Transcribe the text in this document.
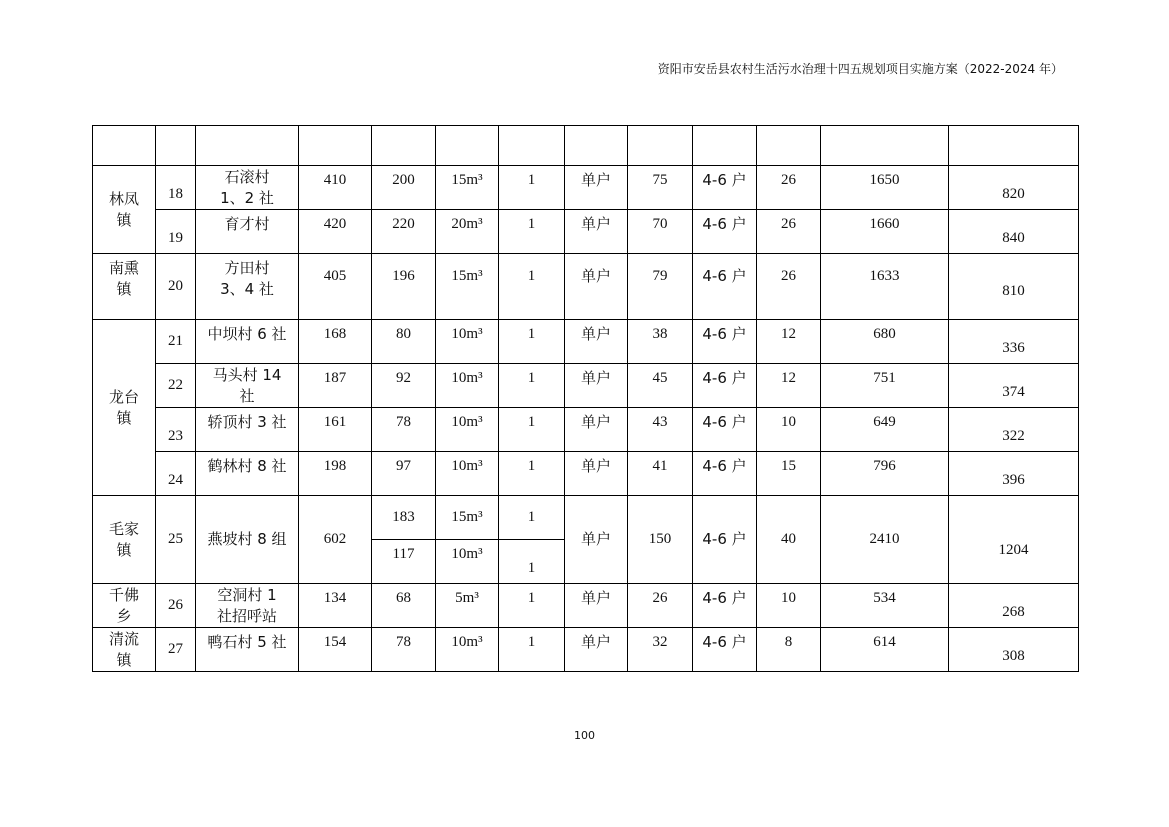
资阳市安岳县农村生活污水治理十四五规划项目实施方案（2022-2024 年）

林凤镇	18	石滚村 1、2 社	410	200	15m³	1	单户	75	4-6 户	26	1650	820
	19	育才村	420	220	20m³	1	单户	70	4-6 户	26	1660	840

南熏镇	20	方田村 3、4 社	405	196	15m³	1	单户	79	4-6 户	26	1633	810

龙台镇	21	中坝村 6 社	168	80	10m³	1	单户	38	4-6 户	12	680	336
	22	马头村 14 社	187	92	10m³	1	单户	45	4-6 户	12	751	374
	23	轿顶村 3 社	161	78	10m³	1	单户	43	4-6 户	10	649	322
	24	鹤林村 8 社	198	97	10m³	1	单户	41	4-6 户	15	796	396

毛家镇	25	燕坡村 8 组	602	183	15m³	1	单户	150	4-6 户	40	2410	1204
				117	10m³	1						

千佛乡	26	空洞村 1 社招呼站	134	68	5m³	1	单户	26	4-6 户	10	534	268

清流镇	27	鸭石村 5 社	154	78	10m³	1	单户	32	4-6 户	8	614	308
100
